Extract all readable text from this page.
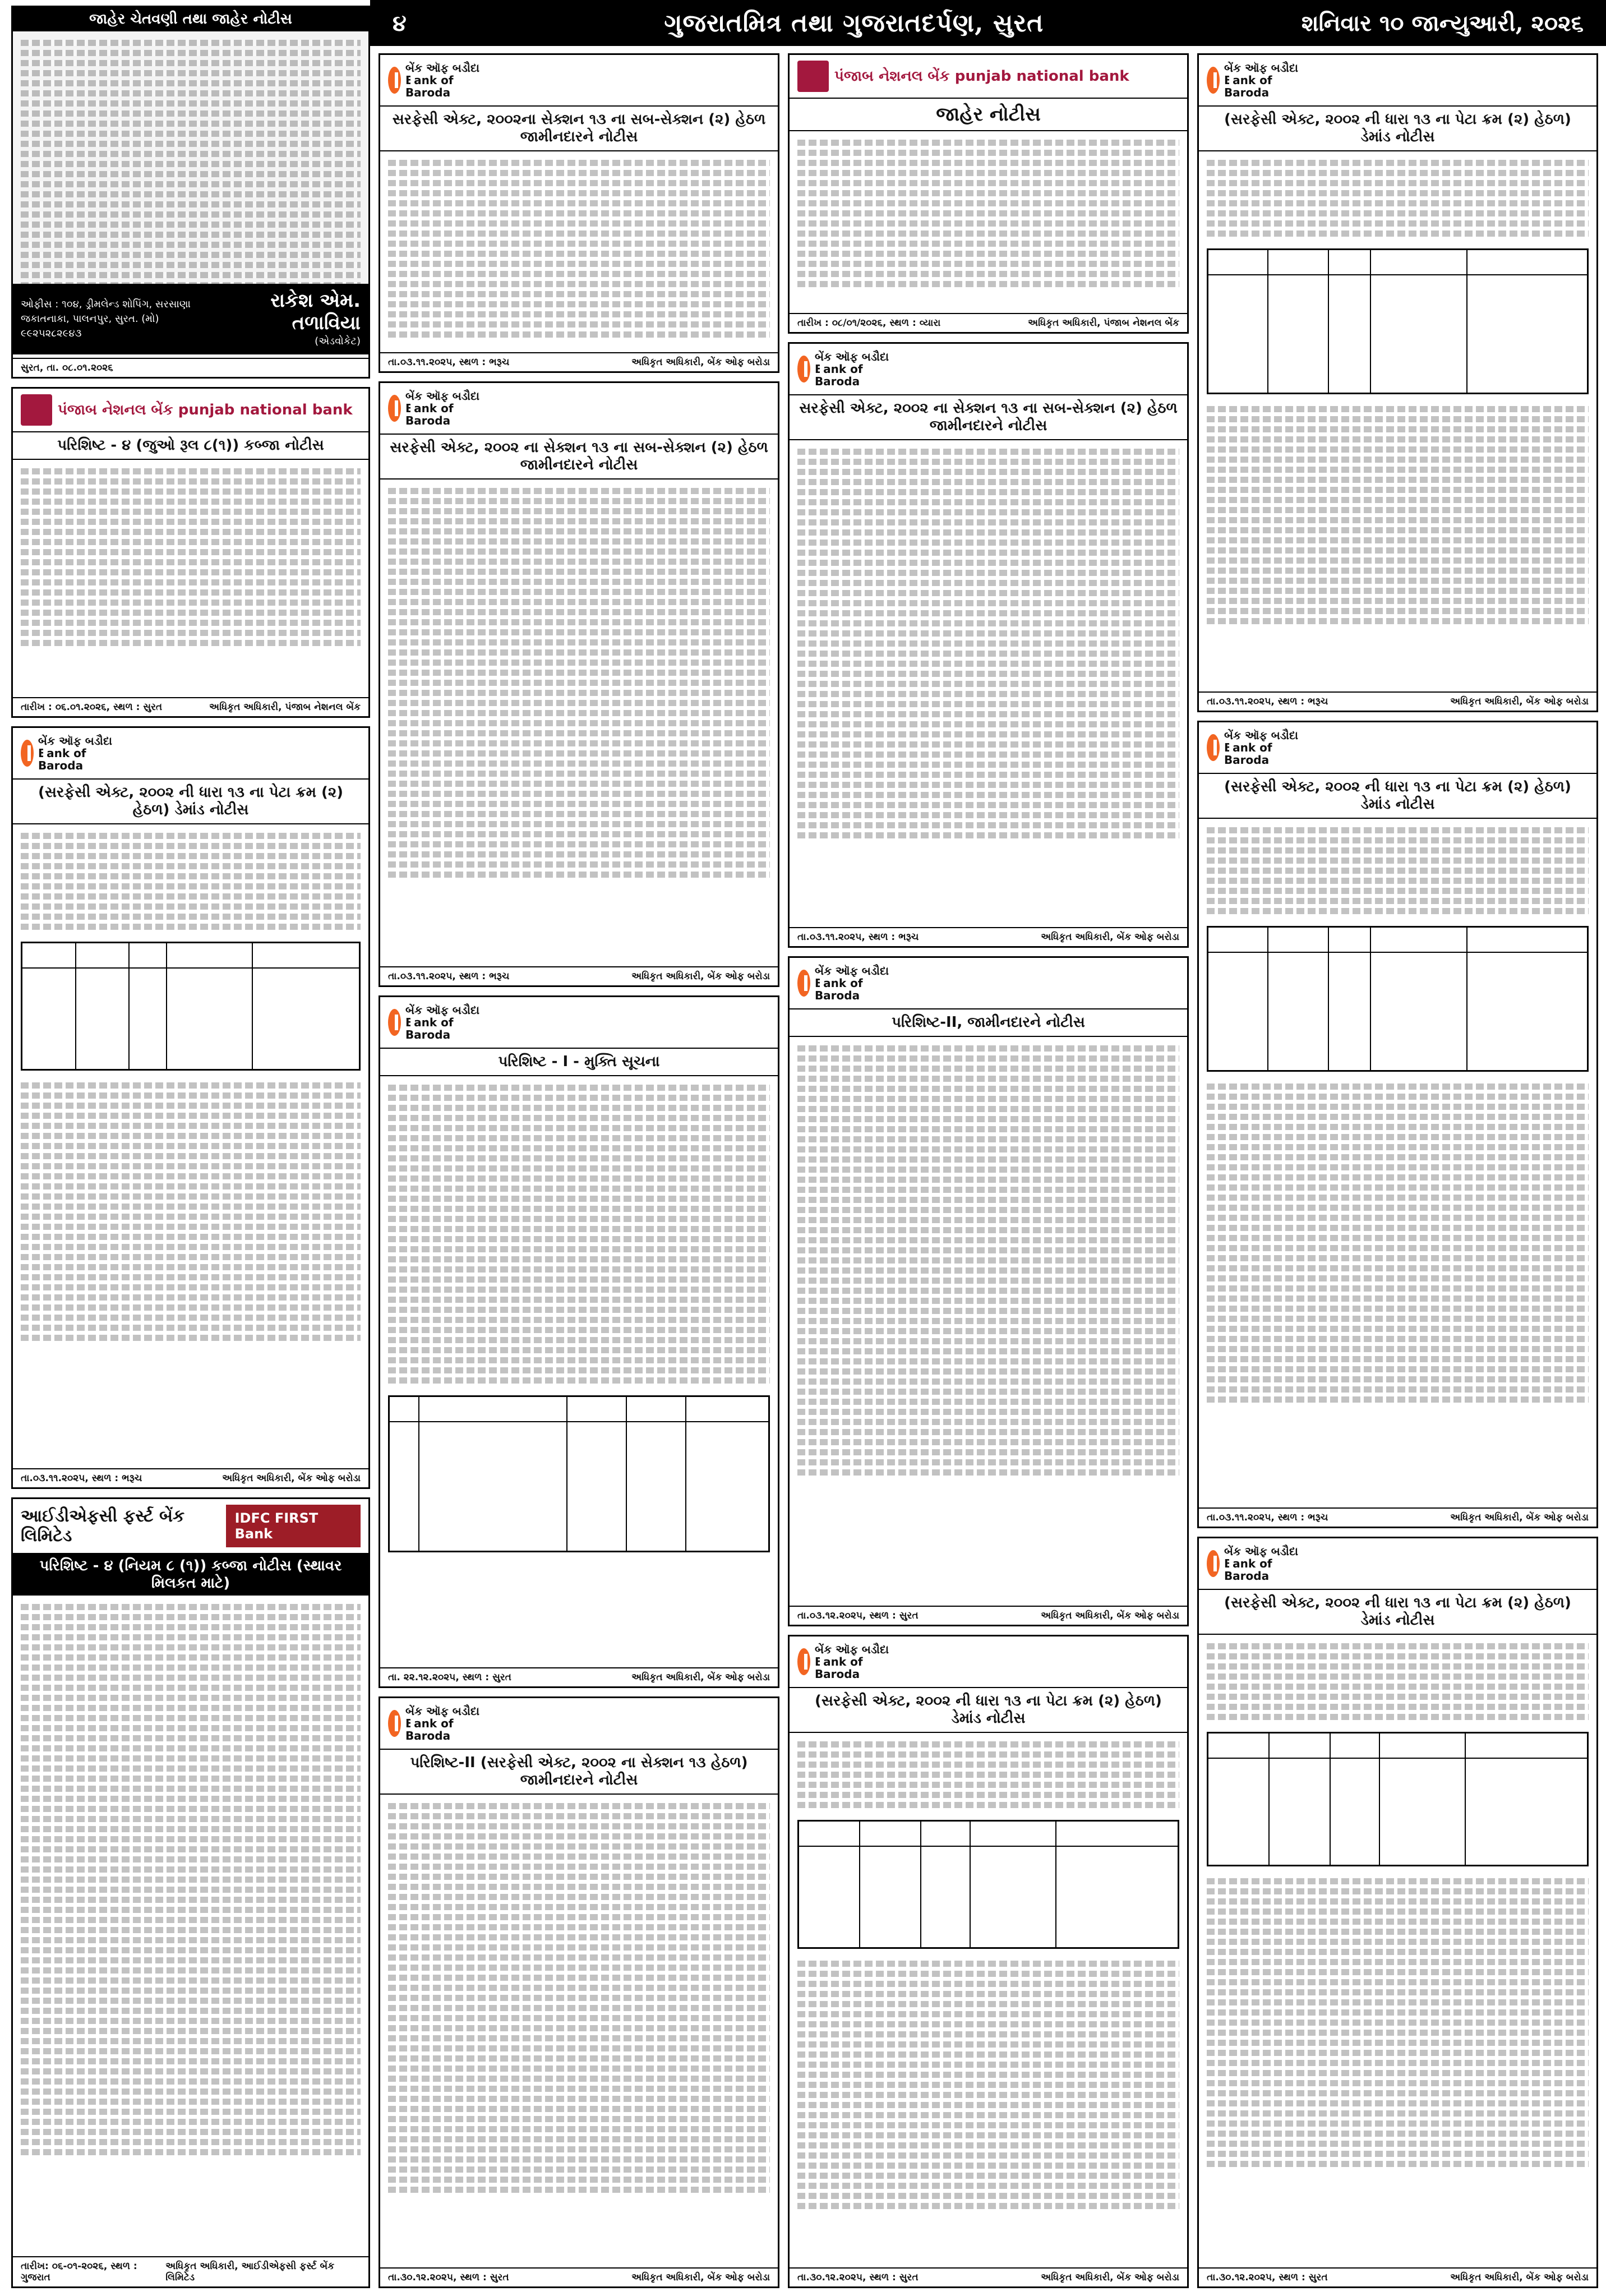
૪	ગુજરાતમિત્ર તથા ગુજરાતદર્પણ, સુરત	શનિવાર ૧૦ જાન્યુઆરી, ૨૦૨૬
જાહેર ચેતવણી તથા જાહેર નોટીસ
ઓફીસ : ૧૦૪, ડ્રીમલેન્ડ શોપિંગ, સરસાણા જકાતનાકા, પાલનપુર, સુરત. (મો) ૯૯૨૫૨૮૨૯૪૩
રાકેશ એમ. તળાવિયા
(એડવોકેટ)
સુરત, તા. ૦૮.૦૧.૨૦૨૬
પંજાબ નેશનલ બેંક punjab national bank
પરિશિષ્ટ - ૪ (જુઓ રૂલ ૮(૧)) કબ્જા નોટીસ
તારીખ : ૦૬.૦૧.૨૦૨૬, સ્થળ : સુરત	અધિકૃત અધિકારી, પંજાબ નેશનલ બેંક
બેંક ઑફ બડૌદા Bank of Baroda
(સરફેસી એક્ટ, ૨૦૦૨ ની ધારા ૧૩ ના પેટા ક્રમ (૨) હેઠળ) ડેમાંડ નોટીસ
તા.૦૩.૧૧.૨૦૨૫, સ્થળ : ભરૂચ	અધિકૃત અધિકારી, બેંક ઓફ બરોડા
આઈડીએફસી ફર્સ્ટ બેંક લિમિટેડ
IDFC FIRST Bank
પરિશિષ્ટ - ૪ (નિયમ ૮ (૧)) કબ્જા નોટીસ (સ્થાવર મિલકત માટે)
તારીખ: ૦૬-૦૧-૨૦૨૬, સ્થળ : ગુજરાત
અધિકૃત અધિકારી, આઈડીએફસી ફર્સ્ટ બેંક લિમિટેડ
બેંક ઑફ બડૌદા Bank of Baroda
સરફેસી એક્ટ, ૨૦૦૨ના સેક્શન ૧૩ ના સબ-સેક્શન (૨) હેઠળ જામીનદારને નોટીસ
તા.૦૩.૧૧.૨૦૨૫, સ્થળ : ભરૂચ	અધિકૃત અધિકારી, બેંક ઓફ બરોડા
બેંક ઑફ બડૌદા Bank of Baroda
સરફેસી એક્ટ, ૨૦૦૨ ના સેક્શન ૧૩ ના સબ-સેક્શન (૨) હેઠળ જામીનદારને નોટીસ
તા.૦૩.૧૧.૨૦૨૫, સ્થળ : ભરૂચ	અધિકૃત અધિકારી, બેંક ઓફ બરોડા
બેંક ઑફ બડૌદા Bank of Baroda
પરિશિષ્ટ - I - મુક્તિ સૂચના
તા. ૨૨.૧૨.૨૦૨૫, સ્થળ : સુરત	અધિકૃત અધિકારી, બેંક ઓફ બરોડા
બેંક ઑફ બડૌદા Bank of Baroda
પરિશિષ્ટ-II (સરફેસી એક્ટ, ૨૦૦૨ ના સેક્શન ૧૩ હેઠળ) જામીનદારને નોટીસ
તા.૩૦.૧૨.૨૦૨૫, સ્થળ : સુરત	અધિકૃત અધિકારી, બેંક ઓફ બરોડા
પંજાબ નેશનલ બેંક punjab national bank
જાહેર નોટીસ
તારીખ : ૦૮/૦૧/૨૦૨૬, સ્થળ : વ્યારા	અધિકૃત અધિકારી, પંજાબ નેશનલ બેંક
બેંક ઑફ બડૌદા Bank of Baroda
સરફેસી એક્ટ, ૨૦૦૨ ના સેક્શન ૧૩ ના સબ-સેક્શન (૨) હેઠળ જામીનદારને નોટીસ
તા.૦૩.૧૧.૨૦૨૫, સ્થળ : ભરૂચ	અધિકૃત અધિકારી, બેંક ઓફ બરોડા
બેંક ઑફ બડૌદા Bank of Baroda
પરિશિષ્ટ-II, જામીનદારને નોટીસ
તા.૦૩.૧૨.૨૦૨૫, સ્થળ : સુરત	અધિકૃત અધિકારી, બેંક ઓફ બરોડા
બેંક ઑફ બડૌદા Bank of Baroda
(સરફેસી એક્ટ, ૨૦૦૨ ની ધારા ૧૩ ના પેટા ક્રમ (૨) હેઠળ) ડેમાંડ નોટીસ
તા.૩૦.૧૨.૨૦૨૫, સ્થળ : સુરત	અધિકૃત અધિકારી, બેંક ઓફ બરોડા
બેંક ઑફ બડૌદા Bank of Baroda
(સરફેસી એક્ટ, ૨૦૦૨ ની ધારા ૧૩ ના પેટા ક્રમ (૨) હેઠળ) ડેમાંડ નોટીસ
તા.૦૩.૧૧.૨૦૨૫, સ્થળ : ભરૂચ	અધિકૃત અધિકારી, બેંક ઓફ બરોડા
બેંક ઑફ બડૌદા Bank of Baroda
(સરફેસી એક્ટ, ૨૦૦૨ ની ધારા ૧૩ ના પેટા ક્રમ (૨) હેઠળ) ડેમાંડ નોટીસ
તા.૦૩.૧૧.૨૦૨૫, સ્થળ : ભરૂચ	અધિકૃત અધિકારી, બેંક ઓફ બરોડા
બેંક ઑફ બડૌદા Bank of Baroda
(સરફેસી એક્ટ, ૨૦૦૨ ની ધારા ૧૩ ના પેટા ક્રમ (૨) હેઠળ) ડેમાંડ નોટીસ
તા.૩૦.૧૨.૨૦૨૫, સ્થળ : સુરત	અધિકૃત અધિકારી, બેંક ઓફ બરોડા
